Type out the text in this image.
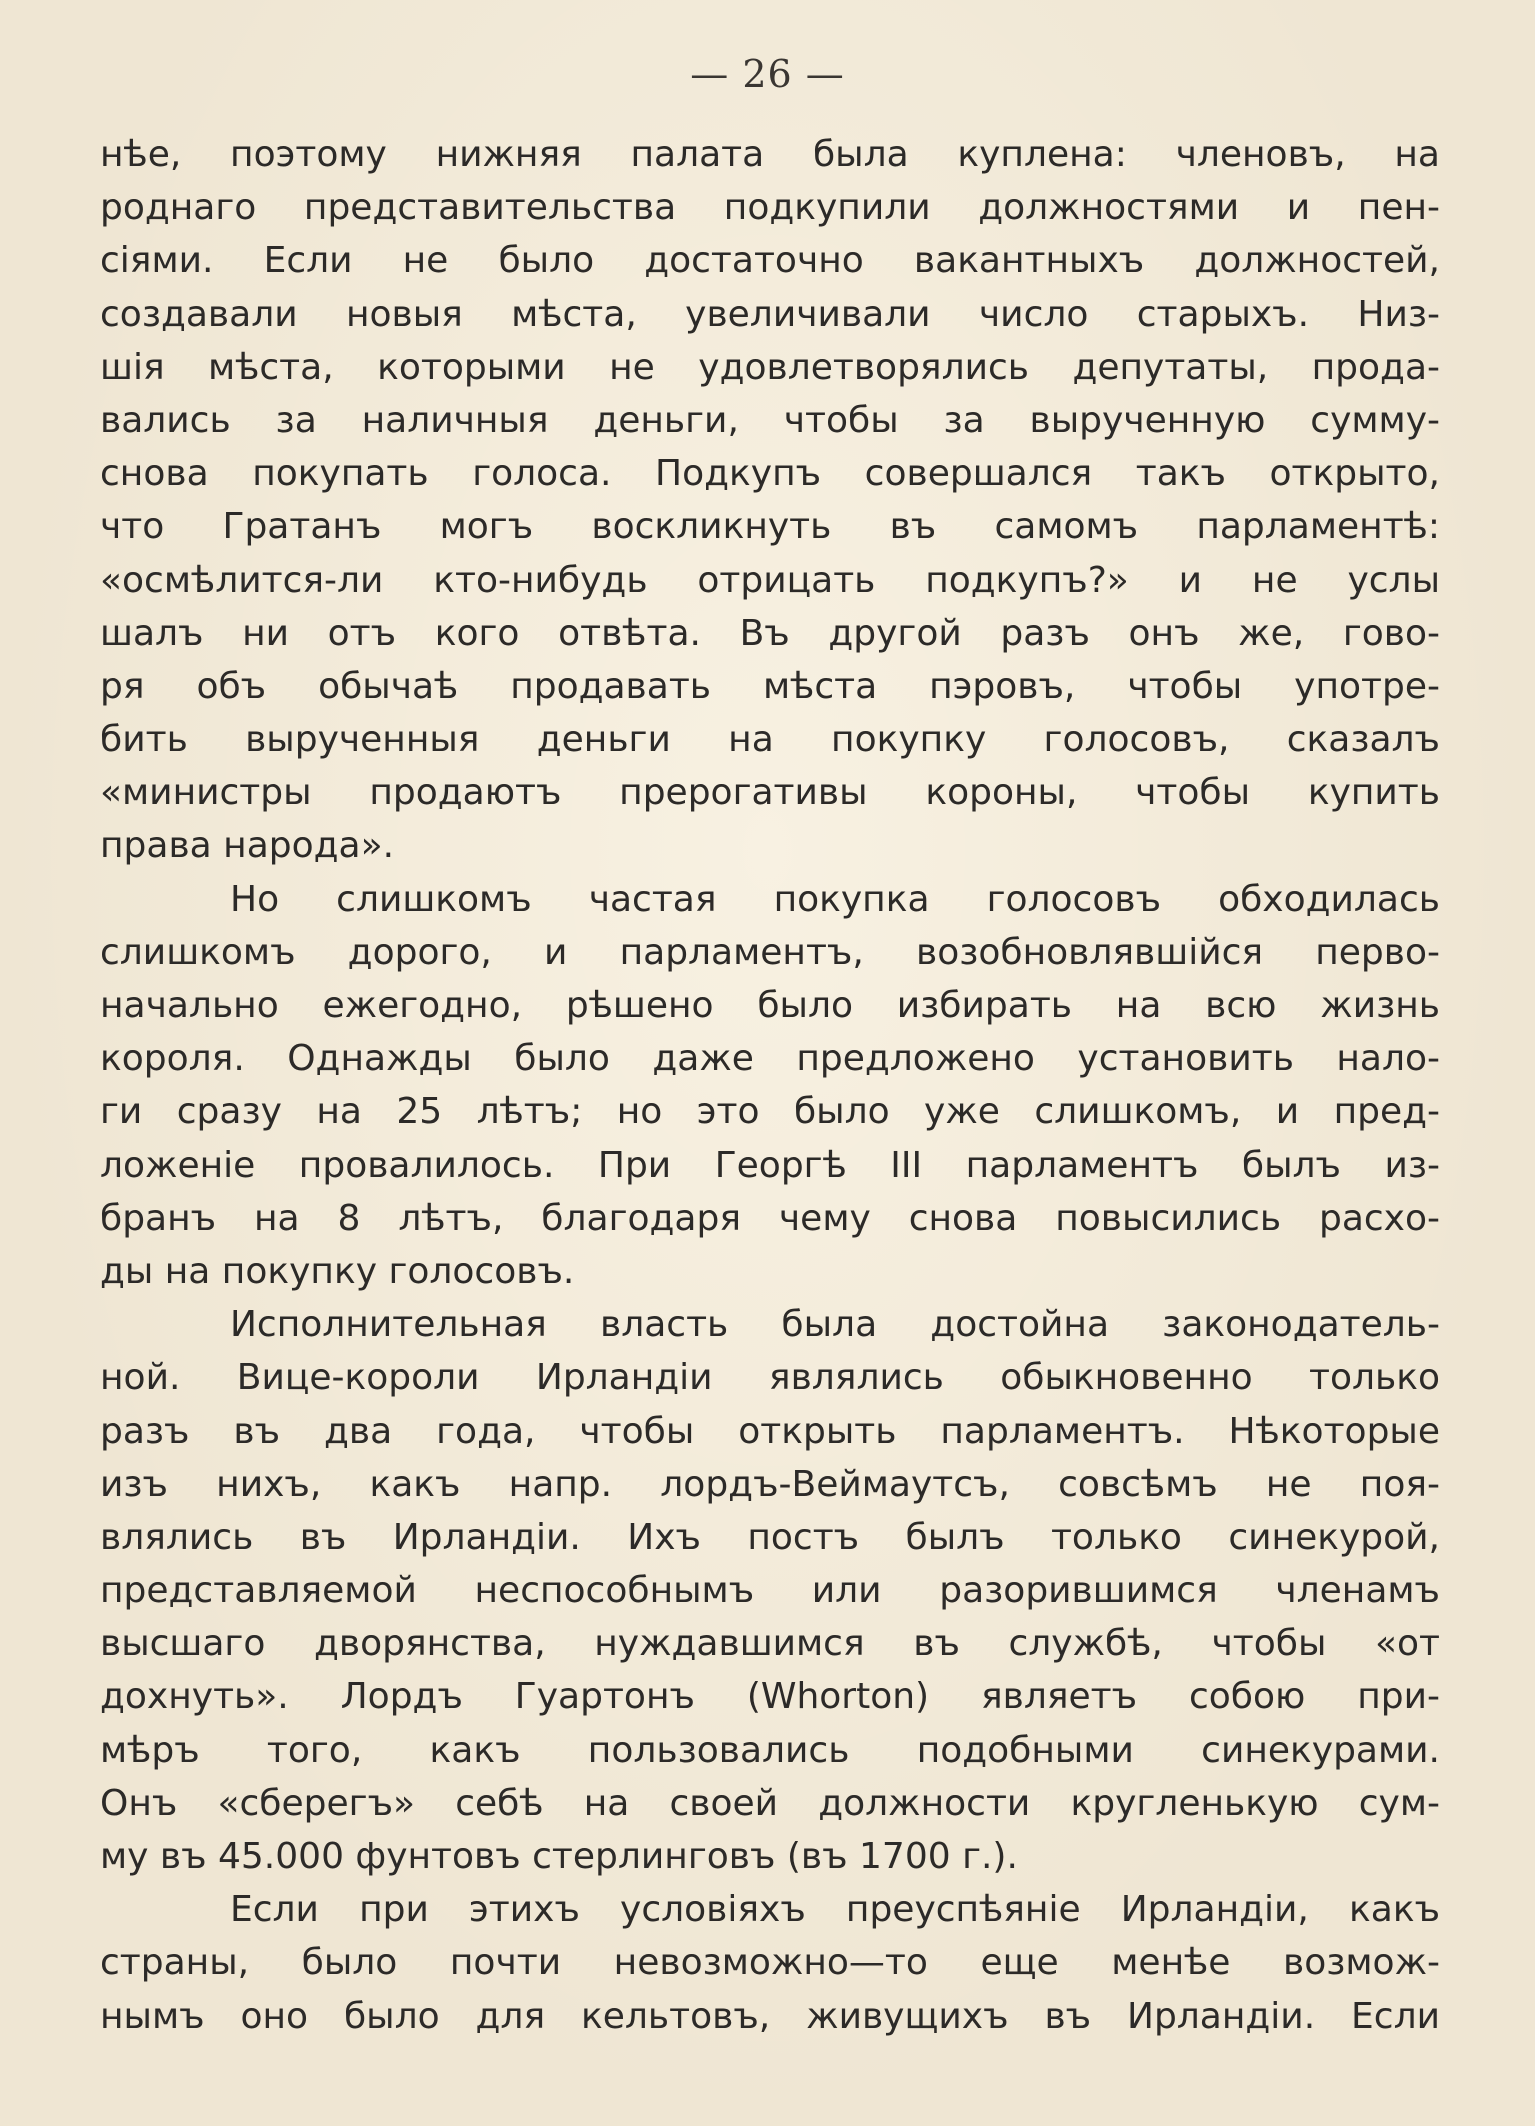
— 26 —
нѣе, поэтому нижняя палата была куплена: членовъ, на
роднаго представительства подкупили должностями и пен-
сіями. Если не было достаточно вакантныхъ должностей,
создавали новыя мѣста, увеличивали число старыхъ. Низ-
шія мѣста, которыми не удовлетворялись депутаты, прода-
вались за наличныя деньги, чтобы за вырученную сумму-
снова покупать голоса. Подкупъ совершался такъ открыто,
что Гратанъ могъ воскликнуть въ самомъ парламентѣ:
«осмѣлится-ли кто-нибудь отрицать подкупъ?» и не услы
шалъ ни отъ кого отвѣта. Въ другой разъ онъ же, гово-
ря объ обычаѣ продавать мѣста пэровъ, чтобы употре-
бить вырученныя деньги на покупку голосовъ, сказалъ
«министры продаютъ прерогативы короны, чтобы купить
права народа».
Но слишкомъ частая покупка голосовъ обходилась
слишкомъ дорого, и парламентъ, возобновлявшійся перво-
начально ежегодно, рѣшено было избирать на всю жизнь
короля. Однажды было даже предложено установить нало-
ги сразу на 25 лѣтъ; но это было уже слишкомъ, и пред-
ложеніе провалилось. При Георгѣ III парламентъ былъ из-
бранъ на 8 лѣтъ, благодаря чему снова повысились расхо-
ды на покупку голосовъ.
Исполнительная власть была достойна законодатель-
ной. Вице-короли Ирландіи являлись обыкновенно только
разъ въ два года, чтобы открыть парламентъ. Нѣкоторые
изъ нихъ, какъ напр. лордъ-Веймаутсъ, совсѣмъ не поя-
влялись въ Ирландіи. Ихъ постъ былъ только синекурой,
представляемой неспособнымъ или разорившимся членамъ
высшаго дворянства, нуждавшимся въ службѣ, чтобы «от
дохнуть». Лордъ Гуартонъ (Whorton) являетъ собою при-
мѣръ того, какъ пользовались подобными синекурами.
Онъ «сберегъ» себѣ на своей должности кругленькую сум-
му въ 45.000 фунтовъ стерлинговъ (въ 1700 г.).
Если при этихъ условіяхъ преуспѣяніе Ирландіи, какъ
страны, было почти невозможно—то еще менѣе возмож-
нымъ оно было для кельтовъ, живущихъ въ Ирландіи. Если
